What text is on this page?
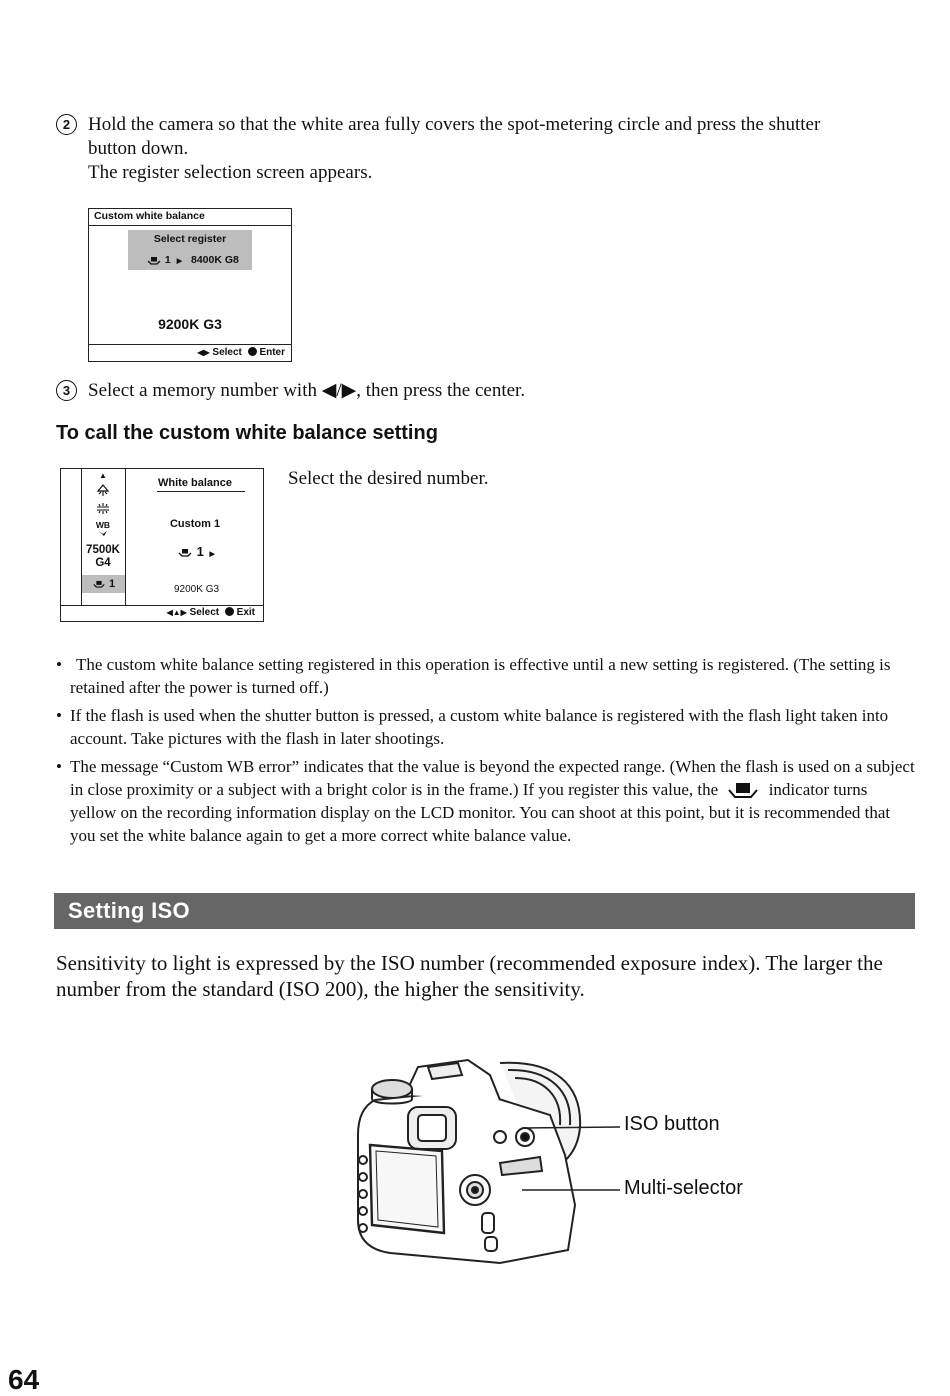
2 Hold the camera so that the white area fully covers the spot-metering circle and press the shutter
button down.
The register selection screen appears.
Custom white balance
Select register
1 ▶ 8400K G8
9200K G3
◀▶ Select Enter
3 Select a memory number with ◀/▶, then press the center.
To call the custom white balance setting
▲
WB
7500K
G4
1
White balance
Custom 1
1 ▶
9200K G3
◀▲▶ Select Exit
Select the desired number.
• The custom white balance setting registered in this operation is effective until a new setting is registered. (The setting is retained after the power is turned off.)
• If the flash is used when the shutter button is pressed, a custom white balance is registered with the flash light taken into account. Take pictures with the flash in later shootings.
• The message “Custom WB error” indicates that the value is beyond the expected range. (When the flash is used on a subject in close proximity or a subject with a bright color is in the frame.) If you register this value, the	indicator turns yellow on the recording information display on the LCD monitor. You can shoot at this point, but it is recommended that you set the white balance again to get a more correct white balance value.
Setting ISO
Sensitivity to light is expressed by the ISO number (recommended exposure index). The larger the number from the standard (ISO 200), the higher the sensitivity.
ISO button
Multi-selector
64
